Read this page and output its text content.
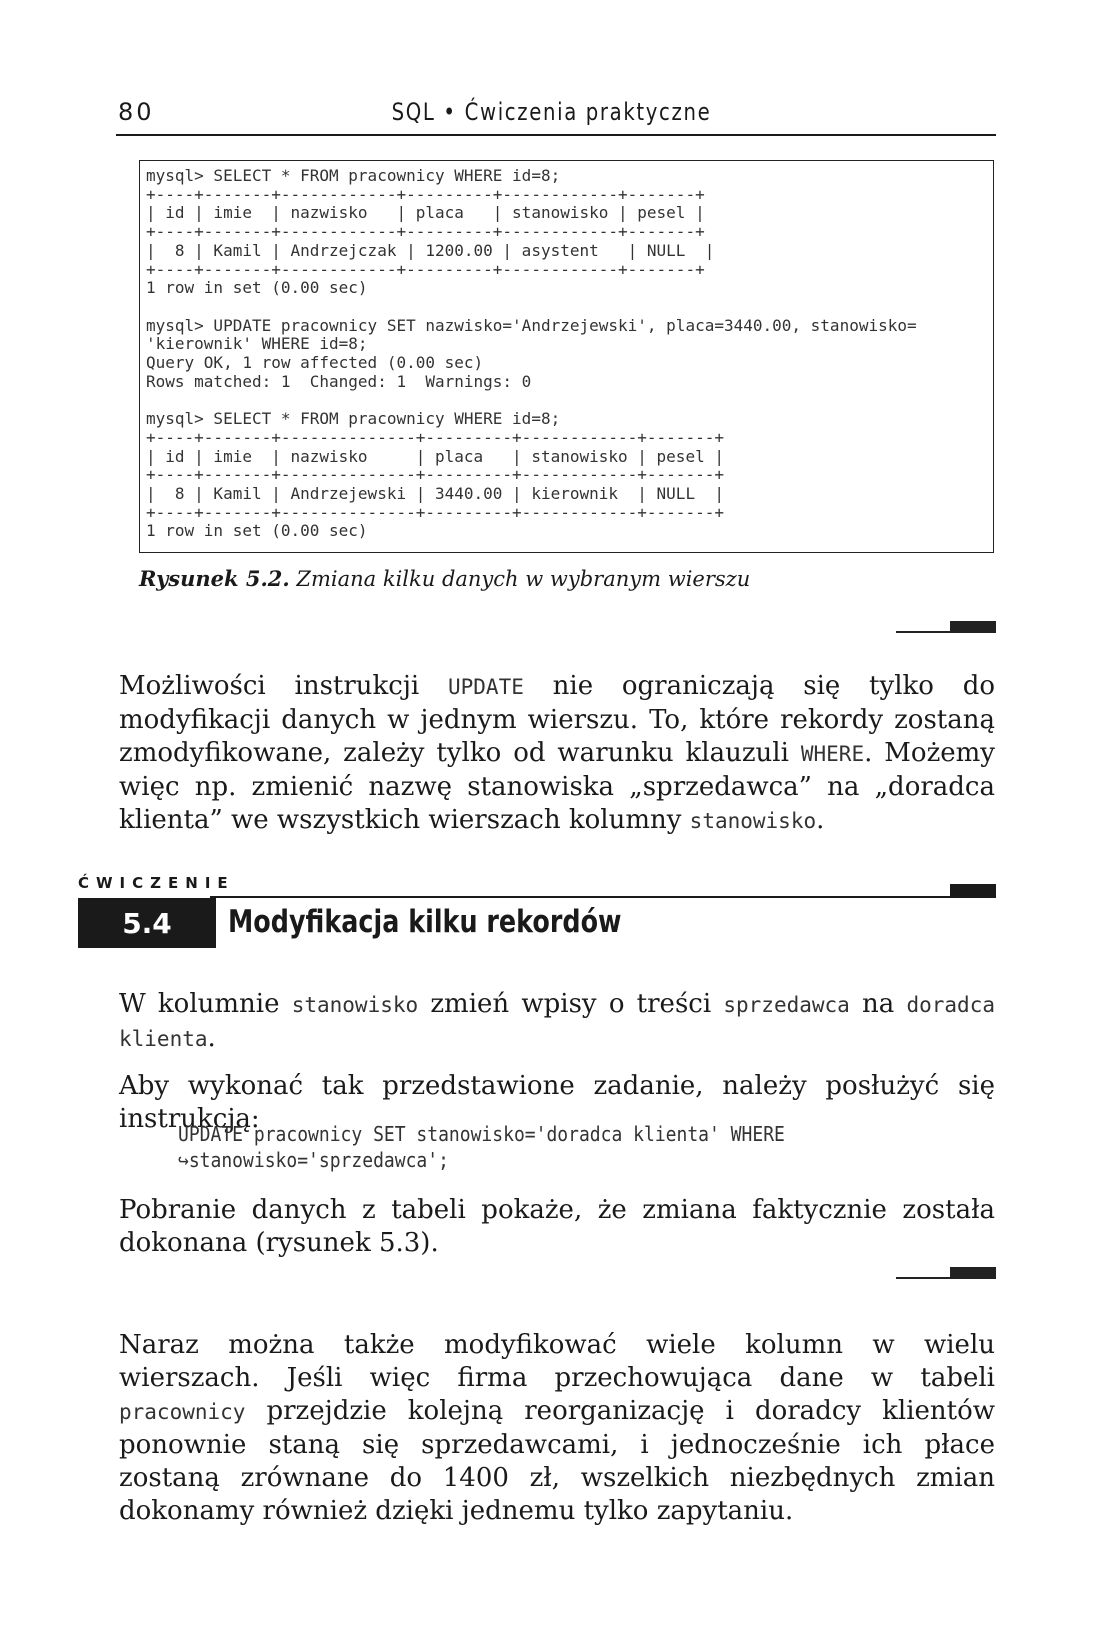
80	SQL • Ćwiczenia praktyczne
mysql> SELECT * FROM pracownicy WHERE id=8;
+----+-------+------------+---------+------------+-------+
| id | imie  | nazwisko   | placa   | stanowisko | pesel |
+----+-------+------------+---------+------------+-------+
|  8 | Kamil | Andrzejczak | 1200.00 | asystent   | NULL  |
+----+-------+------------+---------+------------+-------+
1 row in set (0.00 sec)

mysql> UPDATE pracownicy SET nazwisko='Andrzejewski', placa=3440.00, stanowisko=
'kierownik' WHERE id=8;
Query OK, 1 row affected (0.00 sec)
Rows matched: 1  Changed: 1  Warnings: 0

mysql> SELECT * FROM pracownicy WHERE id=8;
+----+-------+--------------+---------+------------+-------+
| id | imie  | nazwisko     | placa   | stanowisko | pesel |
+----+-------+--------------+---------+------------+-------+
|  8 | Kamil | Andrzejewski | 3440.00 | kierownik  | NULL  |
+----+-------+--------------+---------+------------+-------+
1 row in set (0.00 sec)
Rysunek 5.2. Zmiana kilku danych w wybranym wierszu
Możliwości instrukcji UPDATE nie ograniczają się tylko do modyfikacji danych w jednym wierszu. To, które rekordy zostaną zmodyfikowane, zależy tylko od warunku klauzuli WHERE. Możemy więc np. zmienić nazwę stanowiska „sprzedawca” na „doradca klienta” we wszystkich wierszach kolumny stanowisko.
ĆWICZENIE
5.4	Modyfikacja kilku rekordów
W kolumnie stanowisko zmień wpisy o treści sprzedawca na doradca klienta.
Aby wykonać tak przedstawione zadanie, należy posłużyć się instrukcją:
UPDATE pracownicy SET stanowisko='doradca klienta' WHERE
↪stanowisko='sprzedawca';
Pobranie danych z tabeli pokaże, że zmiana faktycznie została dokonana (rysunek 5.3).
Naraz można także modyfikować wiele kolumn w wielu wierszach. Jeśli więc firma przechowująca dane w tabeli pracownicy przejdzie kolejną reorganizację i doradcy klientów ponownie staną się sprzedawcami, i jednocześnie ich płace zostaną zrównane do 1400 zł, wszelkich niezbędnych zmian dokonamy również dzięki jednemu tylko zapytaniu.
